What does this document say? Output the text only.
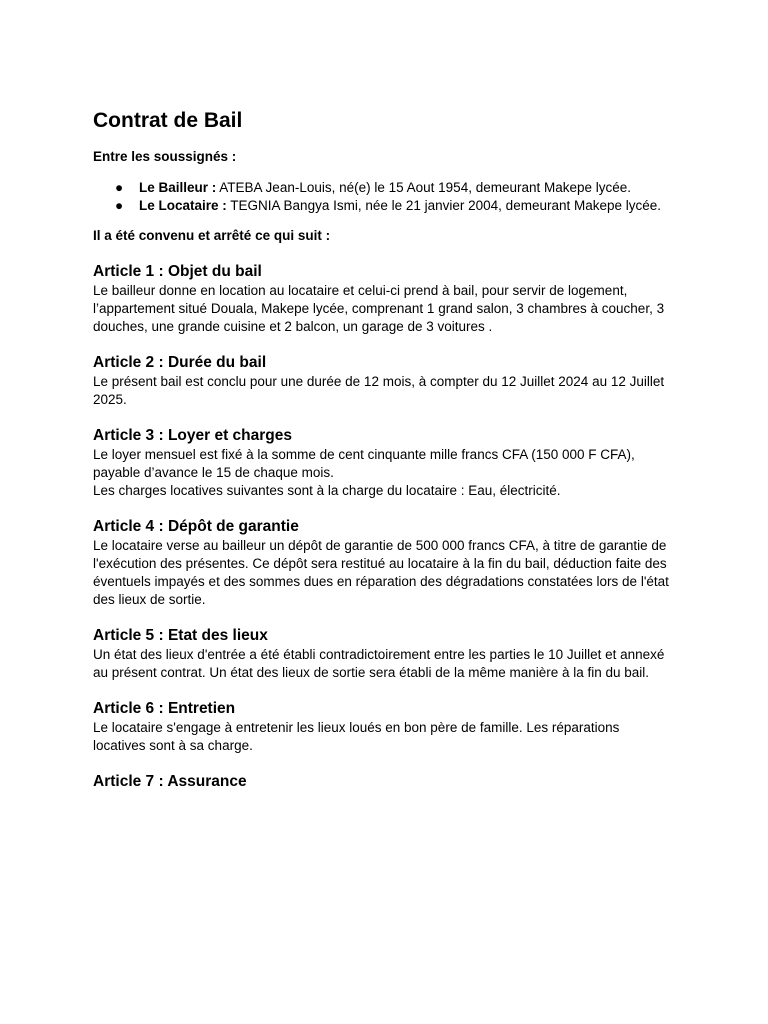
Contrat de Bail

Entre les soussignés :

● Le Bailleur : ATEBA Jean-Louis, né(e) le 15 Aout 1954, demeurant Makepe lycée.
● Le Locataire : TEGNIA Bangya Ismi, née le 21 janvier 2004, demeurant Makepe lycée.

Il a été convenu et arrêté ce qui suit :

Article 1 : Objet du bail

Le bailleur donne en location au locataire et celui-ci prend à bail, pour servir de logement, l’appartement situé Douala, Makepe lycée, comprenant 1 grand salon, 3 chambres à coucher, 3 douches, une grande cuisine et 2 balcon, un garage de 3 voitures .

Article 2 : Durée du bail

Le présent bail est conclu pour une durée de 12 mois, à compter du 12 Juillet 2024 au 12 Juillet 2025.

Article 3 : Loyer et charges

Le loyer mensuel est fixé à la somme de cent cinquante mille francs CFA (150 000 F CFA), payable d’avance le 15 de chaque mois.

Les charges locatives suivantes sont à la charge du locataire : Eau, électricité.

Article 4 : Dépôt de garantie

Le locataire verse au bailleur un dépôt de garantie de 500 000 francs CFA, à titre de garantie de l'exécution des présentes. Ce dépôt sera restitué au locataire à la fin du bail, déduction faite des éventuels impayés et des sommes dues en réparation des dégradations constatées lors de l'état des lieux de sortie.

Article 5 : Etat des lieux

Un état des lieux d'entrée a été établi contradictoirement entre les parties le 10 Juillet et annexé au présent contrat. Un état des lieux de sortie sera établi de la même manière à la fin du bail.

Article 6 : Entretien

Le locataire s'engage à entretenir les lieux loués en bon père de famille. Les réparations locatives sont à sa charge.

Article 7 : Assurance
